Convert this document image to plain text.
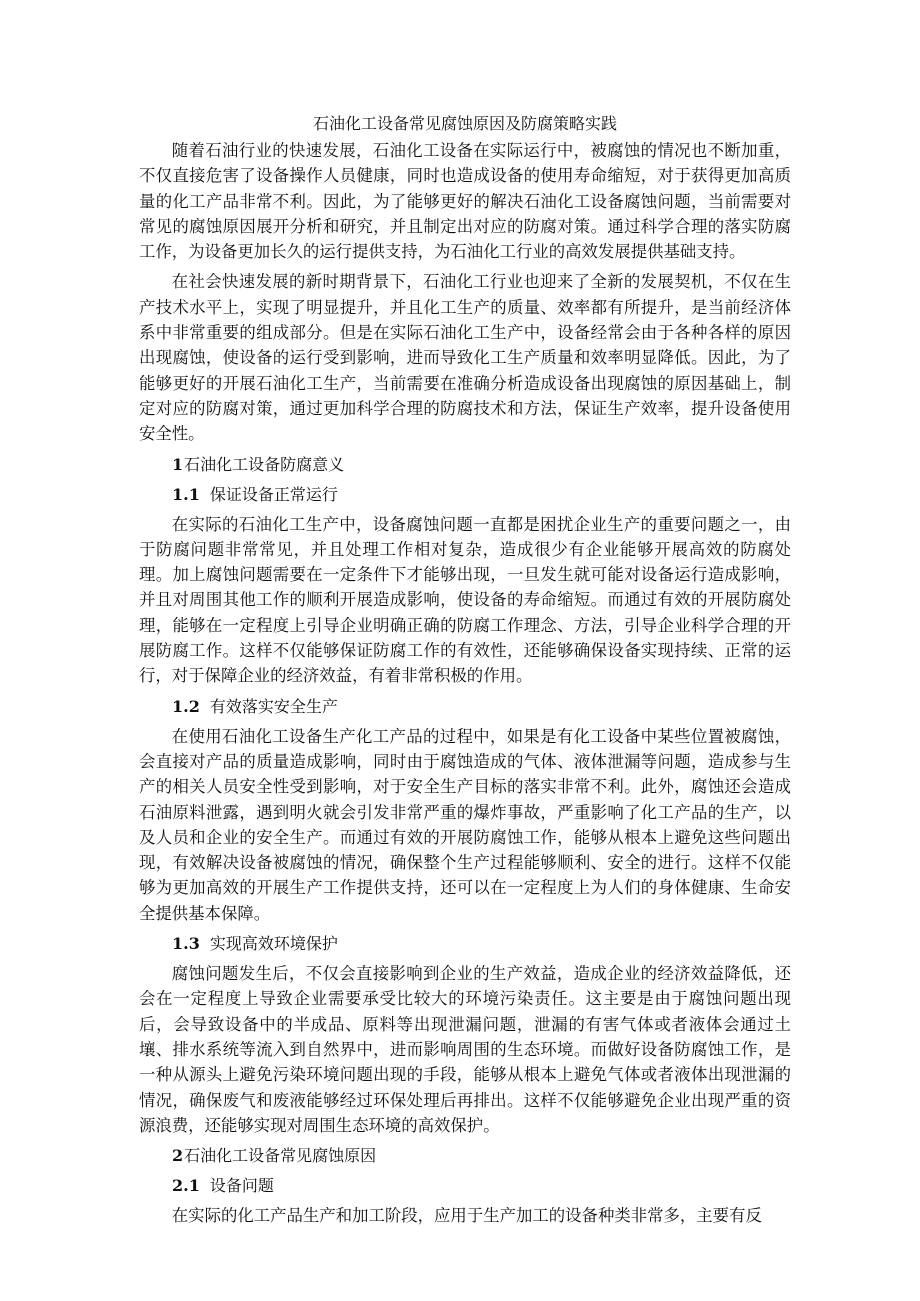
石油化工设备常见腐蚀原因及防腐策略实践

随着石油行业的快速发展，石油化工设备在实际运行中，被腐蚀的情况也不断加重，不仅直接危害了设备操作人员健康，同时也造成设备的使用寿命缩短，对于获得更加高质量的化工产品非常不利。因此，为了能够更好的解决石油化工设备腐蚀问题，当前需要对常见的腐蚀原因展开分析和研究，并且制定出对应的防腐对策。通过科学合理的落实防腐工作，为设备更加长久的运行提供支持，为石油化工行业的高效发展提供基础支持。

在社会快速发展的新时期背景下，石油化工行业也迎来了全新的发展契机，不仅在生产技术水平上，实现了明显提升，并且化工生产的质量、效率都有所提升，是当前经济体系中非常重要的组成部分。但是在实际石油化工生产中，设备经常会由于各种各样的原因出现腐蚀，使设备的运行受到影响，进而导致化工生产质量和效率明显降低。因此，为了能够更好的开展石油化工生产，当前需要在准确分析造成设备出现腐蚀的原因基础上，制定对应的防腐对策，通过更加科学合理的防腐技术和方法，保证生产效率，提升设备使用安全性。

1石油化工设备防腐意义
1.1 保证设备正常运行

在实际的石油化工生产中，设备腐蚀问题一直都是困扰企业生产的重要问题之一，由于防腐问题非常常见，并且处理工作相对复杂，造成很少有企业能够开展高效的防腐处理。加上腐蚀问题需要在一定条件下才能够出现，一旦发生就可能对设备运行造成影响，并且对周围其他工作的顺利开展造成影响，使设备的寿命缩短。而通过有效的开展防腐处理，能够在一定程度上引导企业明确正确的防腐工作理念、方法，引导企业科学合理的开展防腐工作。这样不仅能够保证防腐工作的有效性，还能够确保设备实现持续、正常的运行，对于保障企业的经济效益，有着非常积极的作用。

1.2 有效落实安全生产

在使用石油化工设备生产化工产品的过程中，如果是有化工设备中某些位置被腐蚀，会直接对产品的质量造成影响，同时由于腐蚀造成的气体、液体泄漏等问题，造成参与生产的相关人员安全性受到影响，对于安全生产目标的落实非常不利。此外，腐蚀还会造成石油原料泄露，遇到明火就会引发非常严重的爆炸事故，严重影响了化工产品的生产，以及人员和企业的安全生产。而通过有效的开展防腐蚀工作，能够从根本上避免这些问题出现，有效解决设备被腐蚀的情况，确保整个生产过程能够顺利、安全的进行。这样不仅能够为更加高效的开展生产工作提供支持，还可以在一定程度上为人们的身体健康、生命安全提供基本保障。

1.3 实现高效环境保护

腐蚀问题发生后，不仅会直接影响到企业的生产效益，造成企业的经济效益降低，还会在一定程度上导致企业需要承受比较大的环境污染责任。这主要是由于腐蚀问题出现后，会导致设备中的半成品、原料等出现泄漏问题，泄漏的有害气体或者液体会通过土壤、排水系统等流入到自然界中，进而影响周围的生态环境。而做好设备防腐蚀工作，是一种从源头上避免污染环境问题出现的手段，能够从根本上避免气体或者液体出现泄漏的情况，确保废气和废液能够经过环保处理后再排出。这样不仅能够避免企业出现严重的资源浪费，还能够实现对周围生态环境的高效保护。

2石油化工设备常见腐蚀原因
2.1 设备问题

在实际的化工产品生产和加工阶段，应用于生产加工的设备种类非常多，主要有反
